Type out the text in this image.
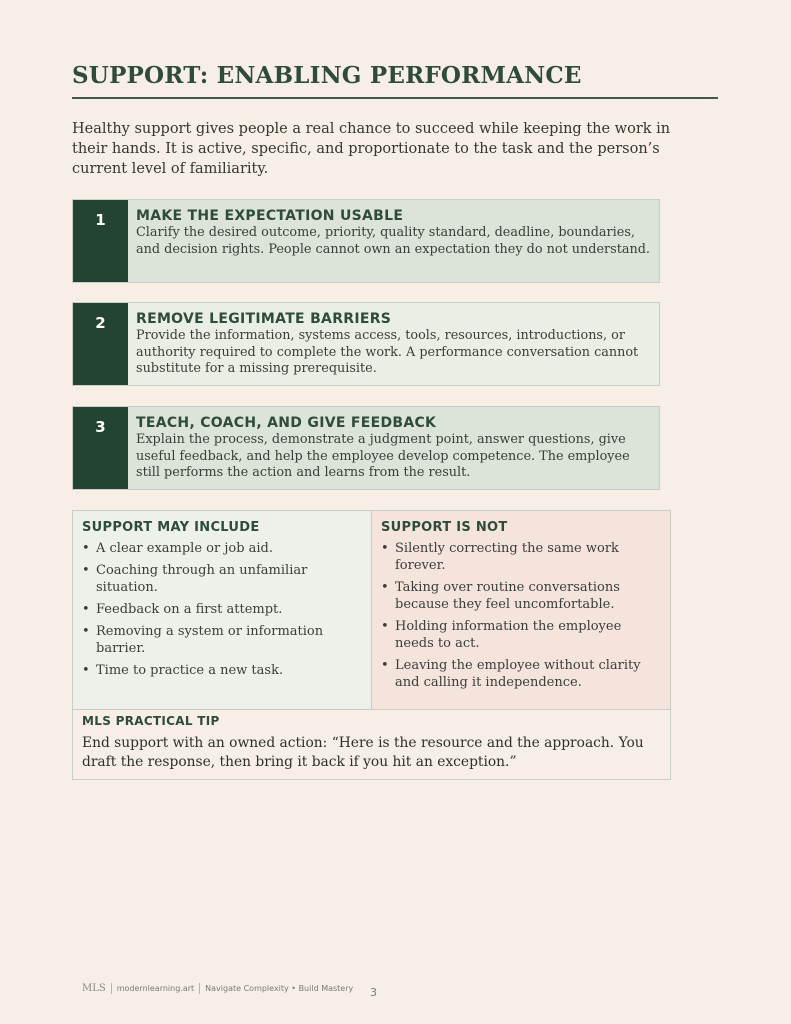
SUPPORT: ENABLING PERFORMANCE

Healthy support gives people a real chance to succeed while keeping the work in their hands. It is active, specific, and proportionate to the task and the person’s current level of familiarity.

1	MAKE THE EXPECTATION USABLE

Clarify the desired outcome, priority, quality standard, deadline, boundaries, and decision rights. People cannot own an expectation they do not understand.

2	REMOVE LEGITIMATE BARRIERS

Provide the information, systems access, tools, resources, introductions, or authority required to complete the work. A performance conversation cannot substitute for a missing prerequisite.

3	TEACH, COACH, AND GIVE FEEDBACK

Explain the process, demonstrate a judgment point, answer questions, give useful feedback, and help the employee develop competence. The employee still performs the action and learns from the result.

SUPPORT MAY INCLUDE

• A clear example or job aid.
• Coaching through an unfamiliar situation.
• Feedback on a first attempt.
• Removing a system or information barrier.
• Time to practice a new task.

SUPPORT IS NOT

• Silently correcting the same work forever.
• Taking over routine conversations because they feel uncomfortable.
• Holding information the employee needs to act.
• Leaving the employee without clarity and calling it independence.

MLS PRACTICAL TIP

End support with an owned action: “Here is the resource and the approach. You draft the response, then bring it back if you hit an exception.”

MLS modernlearning.art Navigate Complexity • Build Mastery 3
